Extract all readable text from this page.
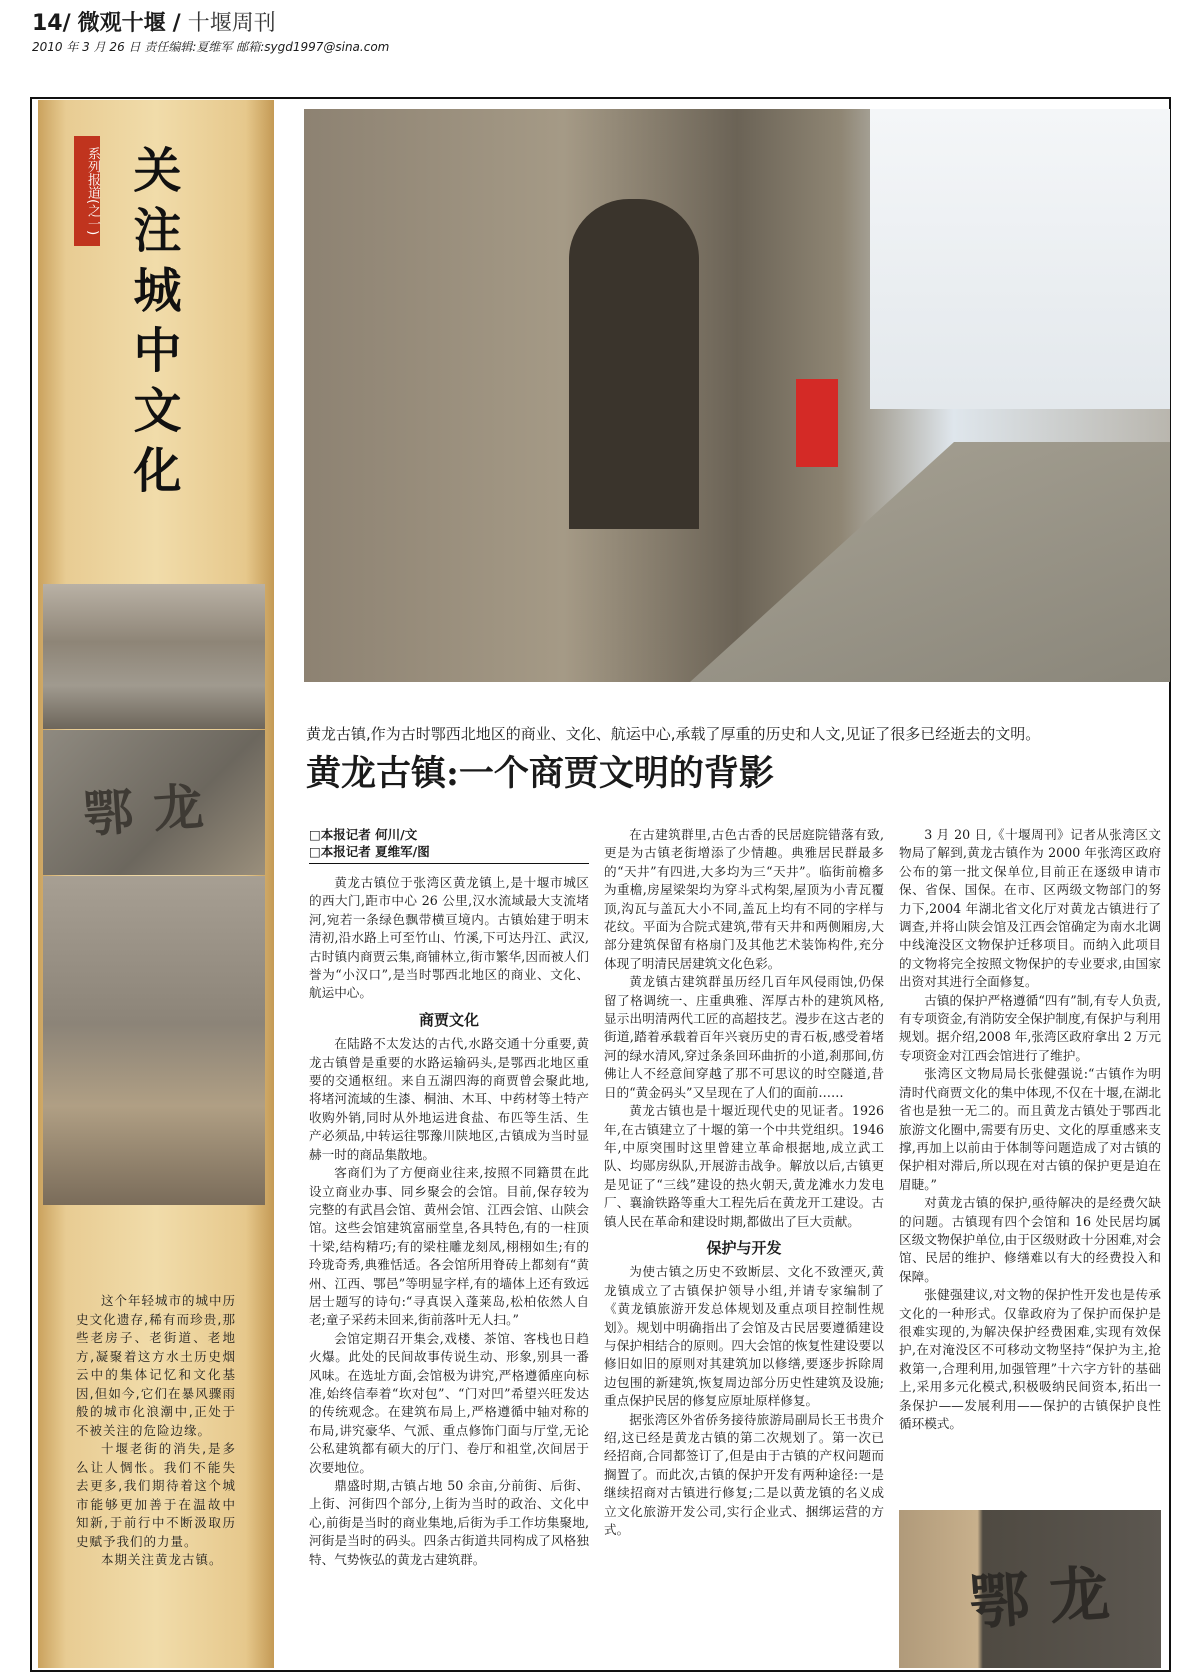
14/ 微观十堰 / 十堰周刊
2010 年 3 月 26 日 责任编辑:夏维军 邮箱:sygd1997@sina.com
系列报道(之一) 关注城中文化
鄂龙

这个年轻城市的城中历史文化遗存,稀有而珍贵,那些老房子、老街道、老地方,凝聚着这方水土历史烟云中的集体记忆和文化基因,但如今,它们在暴风骤雨般的城市化浪潮中,正处于不被关注的危险边缘。

十堰老街的消失,是多么让人惆怅。我们不能失去更多,我们期待着这个城市能够更加善于在温故中知新,于前行中不断汲取历史赋予我们的力量。

本期关注黄龙古镇。

黄龙古镇,作为古时鄂西北地区的商业、文化、航运中心,承载了厚重的历史和人文,见证了很多已经逝去的文明。
黄龙古镇:一个商贾文明的背影
□本报记者 何川/文
□本报记者 夏维军/图

黄龙古镇位于张湾区黄龙镇上,是十堰市城区的西大门,距市中心 26 公里,汉水流域最大支流堵河,宛若一条绿色飘带横亘境内。古镇始建于明末清初,沿水路上可至竹山、竹溪,下可达丹江、武汉,古时镇内商贾云集,商铺林立,街市繁华,因而被人们誉为“小汉口”,是当时鄂西北地区的商业、文化、航运中心。

商贾文化

在陆路不太发达的古代,水路交通十分重要,黄龙古镇曾是重要的水路运输码头,是鄂西北地区重要的交通枢纽。来自五湖四海的商贾曾会聚此地,将堵河流域的生漆、桐油、木耳、中药材等土特产收购外销,同时从外地运进食盐、布匹等生活、生产必须品,中转运往鄂豫川陕地区,古镇成为当时显赫一时的商品集散地。

客商们为了方便商业往来,按照不同籍贯在此设立商业办事、同乡聚会的会馆。目前,保存较为完整的有武昌会馆、黄州会馆、江西会馆、山陕会馆。这些会馆建筑富丽堂皇,各具特色,有的一柱顶十梁,结构精巧;有的梁柱雕龙刻凤,栩栩如生;有的玲珑奇秀,典雅恬适。各会馆所用脊砖上都刻有“黄州、江西、鄂邑”等明显字样,有的墙体上还有致远居士题写的诗句:“寻真误入蓬莱岛,松柏依然人自老;童子采药未回来,街前落叶无人扫。”

会馆定期召开集会,戏楼、茶馆、客栈也日趋火爆。此处的民间故事传说生动、形象,别具一番风味。在选址方面,会馆极为讲究,严格遵循座向标准,始终信奉着“坎对包”、“门对凹”希望兴旺发达的传统观念。在建筑布局上,严格遵循中轴对称的布局,讲究豪华、气派、重点修饰门面与厅堂,无论公私建筑都有硕大的厅门、卷厅和祖堂,次间居于次要地位。

鼎盛时期,古镇占地 50 余亩,分前街、后街、上街、河街四个部分,上街为当时的政治、文化中心,前街是当时的商业集地,后街为手工作坊集聚地,河街是当时的码头。四条古街道共同构成了风格独特、气势恢弘的黄龙古建筑群。

在古建筑群里,古色古香的民居庭院错落有致,更是为古镇老街增添了少情趣。典雅居民群最多的“天井”有四进,大多均为三“天井”。临街前檐多为重檐,房屋梁架均为穿斗式构架,屋顶为小青瓦覆顶,沟瓦与盖瓦大小不同,盖瓦上均有不同的字样与花纹。平面为合院式建筑,带有天井和两侧厢房,大部分建筑保留有格扇门及其他艺术装饰构件,充分体现了明清民居建筑文化色彩。

黄龙镇古建筑群虽历经几百年风侵雨蚀,仍保留了格调统一、庄重典雅、浑厚古朴的建筑风格,显示出明清两代工匠的高超技艺。漫步在这古老的街道,踏着承载着百年兴衰历史的青石板,感受着堵河的绿水清风,穿过条条回环曲折的小道,刹那间,仿佛让人不经意间穿越了那不可思议的时空隧道,昔日的“黄金码头”又呈现在了人们的面前……

黄龙古镇也是十堰近现代史的见证者。1926 年,在古镇建立了十堰的第一个中共党组织。1946 年,中原突围时这里曾建立革命根据地,成立武工队、均郧房纵队,开展游击战争。解放以后,古镇更是见证了“三线”建设的热火朝天,黄龙滩水力发电厂、襄渝铁路等重大工程先后在黄龙开工建设。古镇人民在革命和建设时期,都做出了巨大贡献。

保护与开发

为使古镇之历史不致断层、文化不致湮灭,黄龙镇成立了古镇保护领导小组,并请专家编制了《黄龙镇旅游开发总体规划及重点项目控制性规划》。规划中明确指出了会馆及古民居要遵循建设与保护相结合的原则。四大会馆的恢复性建设要以修旧如旧的原则对其建筑加以修缮,要逐步拆除周边包围的新建筑,恢复周边部分历史性建筑及设施;重点保护民居的修复应原址原样修复。

据张湾区外省侨务接待旅游局副局长王书贵介绍,这已经是黄龙古镇的第二次规划了。第一次已经招商,合同都签订了,但是由于古镇的产权问题而搁置了。而此次,古镇的保护开发有两种途径:一是继续招商对古镇进行修复;二是以黄龙镇的名义成立文化旅游开发公司,实行企业式、捆绑运营的方式。

3 月 20 日,《十堰周刊》记者从张湾区文物局了解到,黄龙古镇作为 2000 年张湾区政府公布的第一批文保单位,目前正在逐级申请市保、省保、国保。在市、区两级文物部门的努力下,2004 年湖北省文化厅对黄龙古镇进行了调查,并将山陕会馆及江西会馆确定为南水北调中线淹没区文物保护迁移项目。而纳入此项目的文物将完全按照文物保护的专业要求,由国家出资对其进行全面修复。

古镇的保护严格遵循“四有”制,有专人负责,有专项资金,有消防安全保护制度,有保护与利用规划。据介绍,2008 年,张湾区政府拿出 2 万元专项资金对江西会馆进行了维护。

张湾区文物局局长张健强说:“古镇作为明清时代商贾文化的集中体现,不仅在十堰,在湖北省也是独一无二的。而且黄龙古镇处于鄂西北旅游文化圈中,需要有历史、文化的厚重感来支撑,再加上以前由于体制等问题造成了对古镇的保护相对滞后,所以现在对古镇的保护更是迫在眉睫。”

对黄龙古镇的保护,亟待解决的是经费欠缺的问题。古镇现有四个会馆和 16 处民居均属区级文物保护单位,由于区级财政十分困难,对会馆、民居的维护、修缮难以有大的经费投入和保障。

张健强建议,对文物的保护性开发也是传承文化的一种形式。仅靠政府为了保护而保护是很难实现的,为解决保护经费困难,实现有效保护,在对淹没区不可移动文物坚持“保护为主,抢救第一,合理利用,加强管理”十六字方针的基础上,采用多元化模式,积极吸纳民间资本,拓出一条保护——发展利用——保护的古镇保护良性循环模式。

鄂龙
